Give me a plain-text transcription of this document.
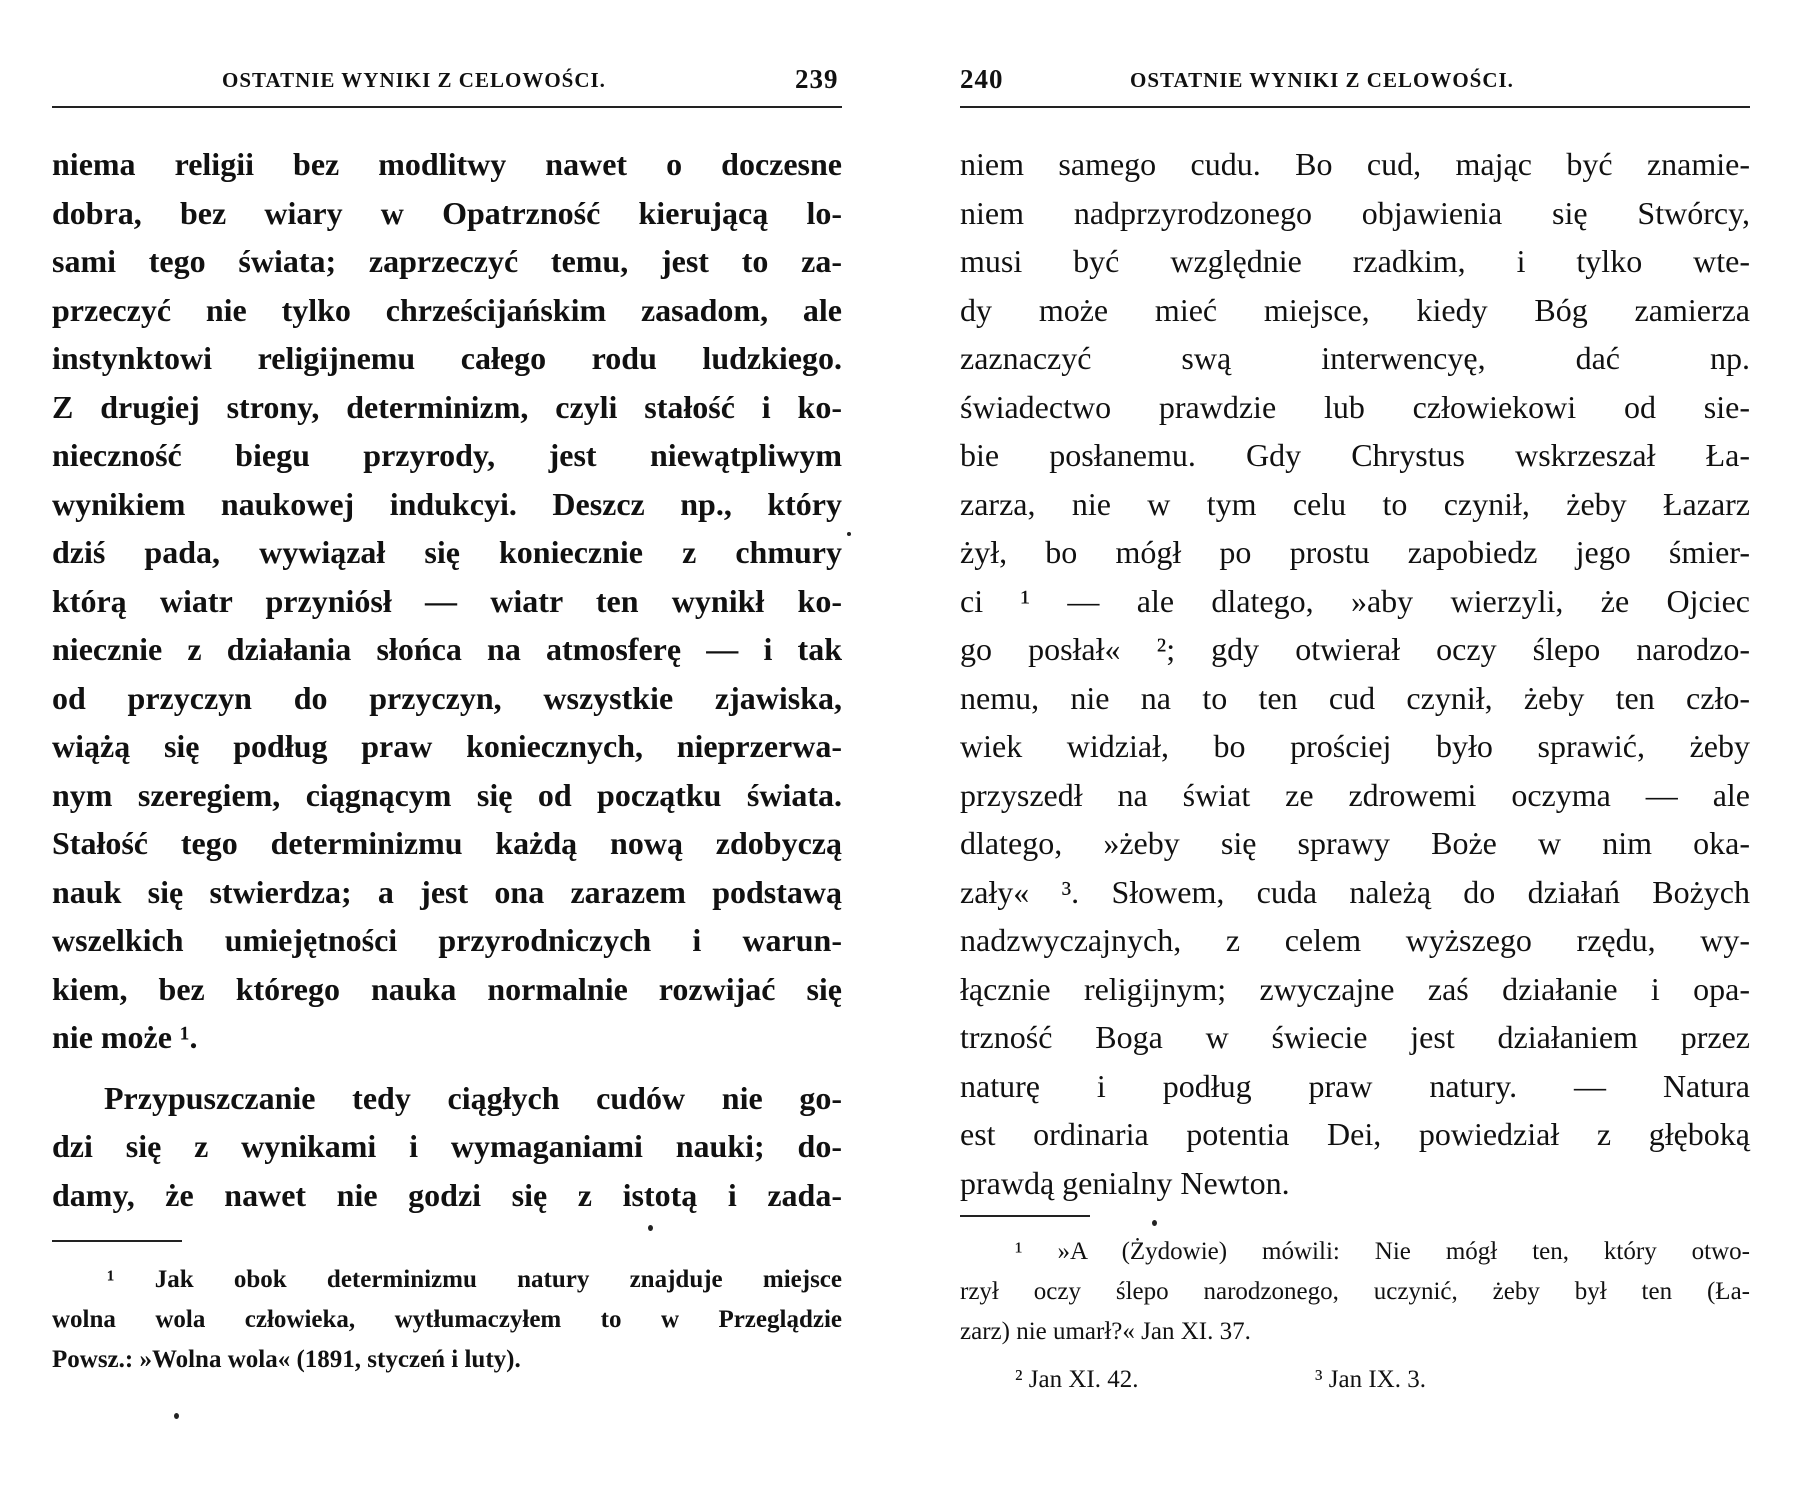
OSTATNIE WYNIKI Z CELOWOŚCI.	239
niema religii bez modlitwy nawet o doczesne
dobra, bez wiary w Opatrzność kierującą lo-
sami tego świata; zaprzeczyć temu, jest to za-
przeczyć nie tylko chrześcijańskim zasadom, ale
instynktowi religijnemu całego rodu ludzkiego.
Z drugiej strony, determinizm, czyli stałość i ko-
nieczność biegu przyrody, jest niewątpliwym
wynikiem naukowej indukcyi. Deszcz np., który
dziś pada, wywiązał się koniecznie z chmury
którą wiatr przyniósł — wiatr ten wynikł ko-
niecznie z działania słońca na atmosferę — i tak
od przyczyn do przyczyn, wszystkie zjawiska,
wiążą się podług praw koniecznych, nieprzerwa-
nym szeregiem, ciągnącym się od początku świata.
Stałość tego determinizmu każdą nową zdobyczą
nauk się stwierdza; a jest ona zarazem podstawą
wszelkich umiejętności przyrodniczych i warun-
kiem, bez którego nauka normalnie rozwijać się
nie może ¹.
Przypuszczanie tedy ciągłych cudów nie go-
dzi się z wynikami i wymaganiami nauki; do-
damy, że nawet nie godzi się z istotą i zada-
¹ Jak obok determinizmu natury znajduje miejsce
wolna wola człowieka, wytłumaczyłem to w Przeglądzie
Powsz.: »Wolna wola« (1891, styczeń i luty).
240	OSTATNIE WYNIKI Z CELOWOŚCI.
niem samego cudu. Bo cud, mając być znamie-
niem nadprzyrodzonego objawienia się Stwórcy,
musi być względnie rzadkim, i tylko wte-
dy może mieć miejsce, kiedy Bóg zamierza
zaznaczyć swą interwencyę, dać np.
świadectwo prawdzie lub człowiekowi od sie-
bie posłanemu. Gdy Chrystus wskrzeszał Ła-
zarza, nie w tym celu to czynił, żeby Łazarz
żył, bo mógł po prostu zapobiedz jego śmier-
ci ¹ — ale dlatego, »aby wierzyli, że Ojciec
go posłał« ²; gdy otwierał oczy ślepo narodzo-
nemu, nie na to ten cud czynił, żeby ten czło-
wiek widział, bo prościej było sprawić, żeby
przyszedł na świat ze zdrowemi oczyma — ale
dlatego, »żeby się sprawy Boże w nim oka-
zały« ³. Słowem, cuda należą do działań Bożych
nadzwyczajnych, z celem wyższego rzędu, wy-
łącznie religijnym; zwyczajne zaś działanie i opa-
trzność Boga w świecie jest działaniem przez
naturę i podług praw natury. — Natura
est ordinaria potentia Dei, powiedział z głęboką
prawdą genialny Newton.
¹ »A (Żydowie) mówili: Nie mógł ten, który otwo-
rzył oczy ślepo narodzonego, uczynić, żeby był ten (Ła-
zarz) nie umarł?« Jan XI. 37.
² Jan XI. 42.	³ Jan IX. 3.
